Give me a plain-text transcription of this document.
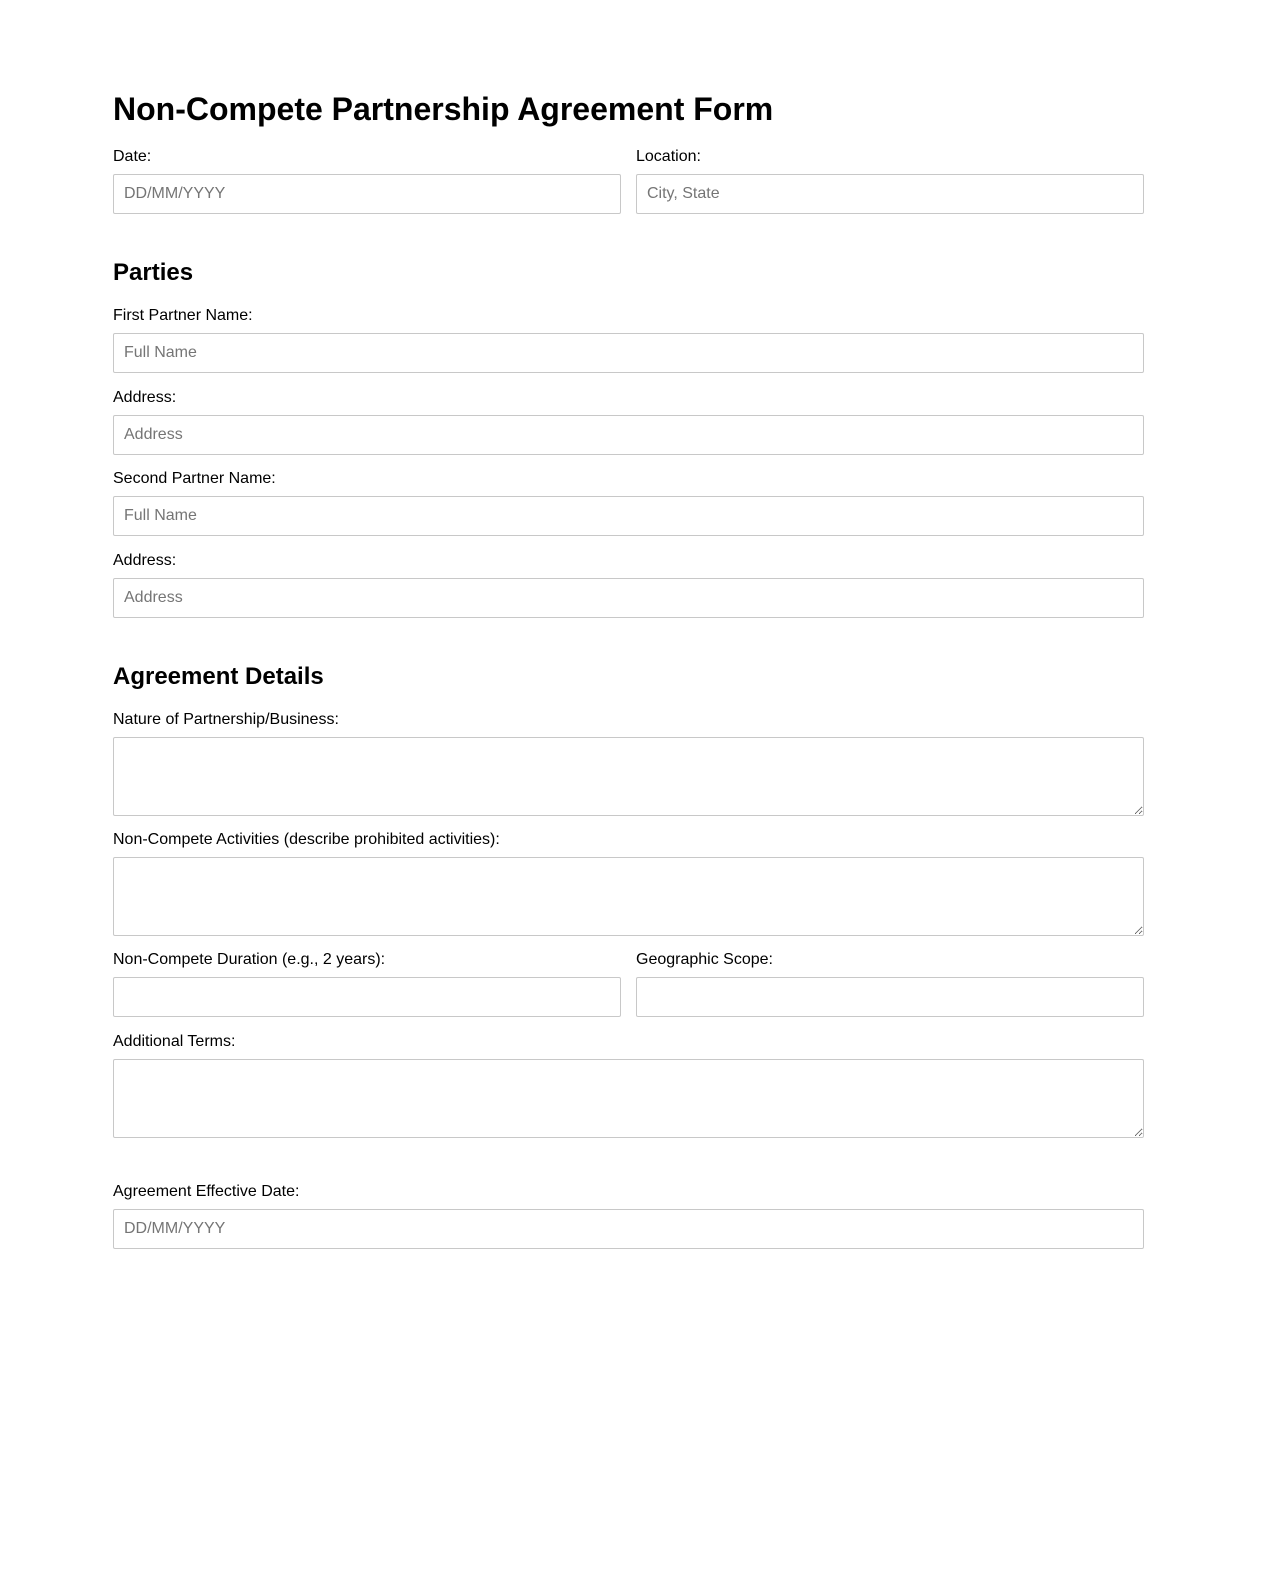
Non-Compete Partnership Agreement Form
Date:
DD/MM/YYYY	Location:
City, State
Parties
First Partner Name:
Full Name
Address:
Address
Second Partner Name:
Full Name
Address:
Address
Agreement Details
Nature of Partnership/Business:
Non-Compete Activities (describe prohibited activities):
Non-Compete Duration (e.g., 2 years):	Geographic Scope:
Additional Terms:
Agreement Effective Date:
DD/MM/YYYY
